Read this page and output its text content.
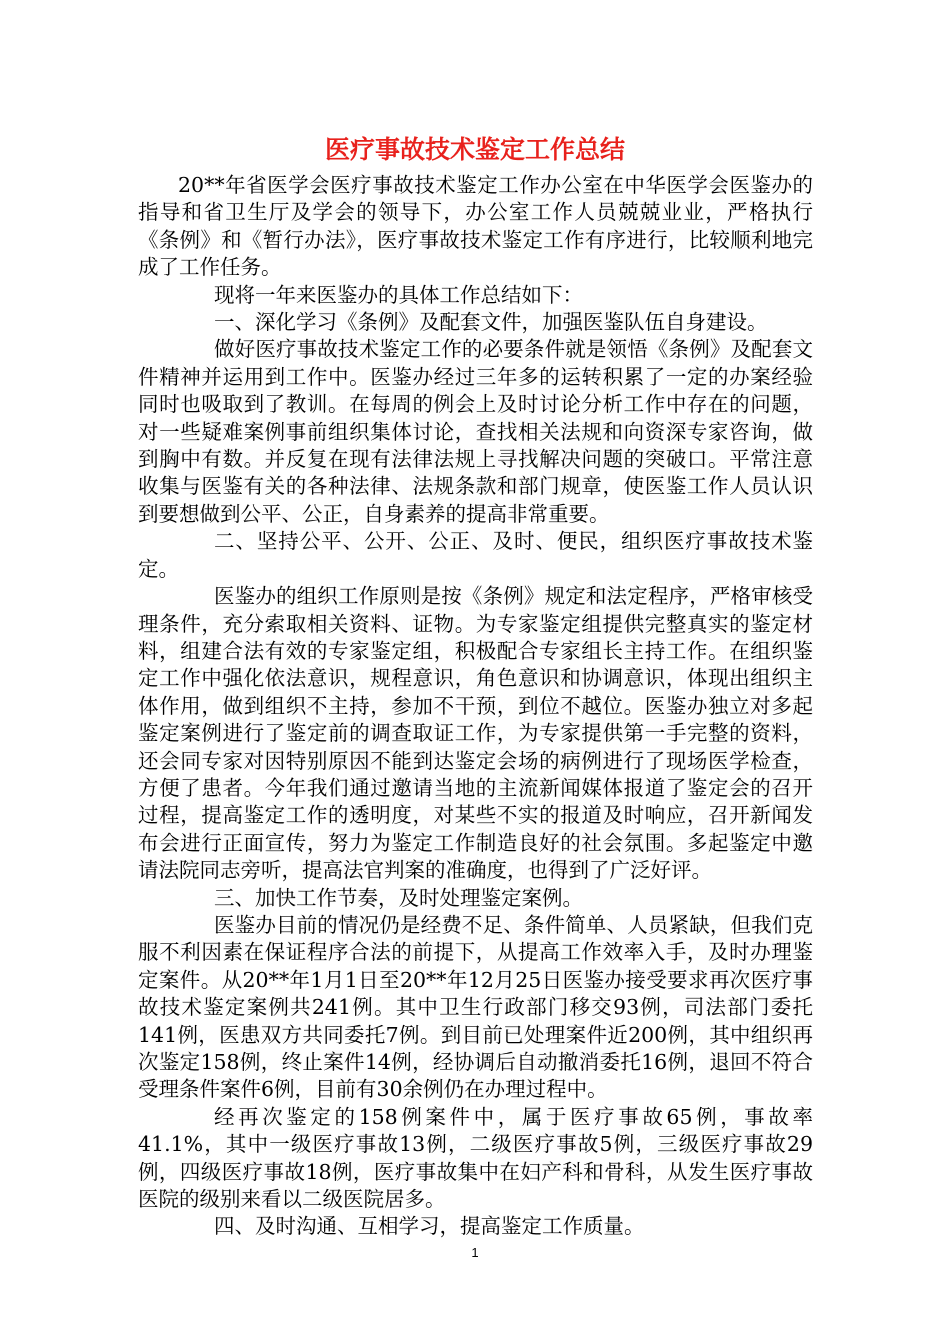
医疗事故技术鉴定工作总结

20**年省医学会医疗事故技术鉴定工作办公室在中华医学会医鉴办的指导和省卫生厅及学会的领导下，办公室工作人员兢兢业业，严格执行《条例》和《暂行办法》，医疗事故技术鉴定工作有序进行，比较顺利地完成了工作任务。

现将一年来医鉴办的具体工作总结如下：

一、深化学习《条例》及配套文件，加强医鉴队伍自身建设。

做好医疗事故技术鉴定工作的必要条件就是领悟《条例》及配套文件精神并运用到工作中。医鉴办经过三年多的运转积累了一定的办案经验同时也吸取到了教训。在每周的例会上及时讨论分析工作中存在的问题，对一些疑难案例事前组织集体讨论，查找相关法规和向资深专家咨询，做到胸中有数。并反复在现有法律法规上寻找解决问题的突破口。平常注意收集与医鉴有关的各种法律、法规条款和部门规章，使医鉴工作人员认识到要想做到公平、公正，自身素养的提高非常重要。

二、坚持公平、公开、公正、及时、便民，组织医疗事故技术鉴定。

医鉴办的组织工作原则是按《条例》规定和法定程序，严格审核受理条件，充分索取相关资料、证物。为专家鉴定组提供完整真实的鉴定材料，组建合法有效的专家鉴定组，积极配合专家组长主持工作。在组织鉴定工作中强化依法意识，规程意识，角色意识和协调意识，体现出组织主体作用，做到组织不主持，参加不干预，到位不越位。医鉴办独立对多起鉴定案例进行了鉴定前的调查取证工作，为专家提供第一手完整的资料，还会同专家对因特别原因不能到达鉴定会场的病例进行了现场医学检查，方便了患者。今年我们通过邀请当地的主流新闻媒体报道了鉴定会的召开过程，提高鉴定工作的透明度，对某些不实的报道及时响应，召开新闻发布会进行正面宣传，努力为鉴定工作制造良好的社会氛围。多起鉴定中邀请法院同志旁听，提高法官判案的准确度，也得到了广泛好评。

三、加快工作节奏，及时处理鉴定案例。

医鉴办目前的情况仍是经费不足、条件简单、人员紧缺，但我们克服不利因素在保证程序合法的前提下，从提高工作效率入手，及时办理鉴定案件。从20**年1月1日至20**年12月25日医鉴办接受要求再次医疗事故技术鉴定案例共241例。其中卫生行政部门移交93例，司法部门委托141例，医患双方共同委托7例。到目前已处理案件近200例，其中组织再次鉴定158例，终止案件14例，经协调后自动撤消委托16例，退回不符合受理条件案件6例，目前有30余例仍在办理过程中。

经再次鉴定的158例案件中，属于医疗事故65例，事故率41.1%，其中一级医疗事故13例，二级医疗事故5例，三级医疗事故29例，四级医疗事故18例，医疗事故集中在妇产科和骨科，从发生医疗事故医院的级别来看以二级医院居多。

四、及时沟通、互相学习，提高鉴定工作质量。

1
